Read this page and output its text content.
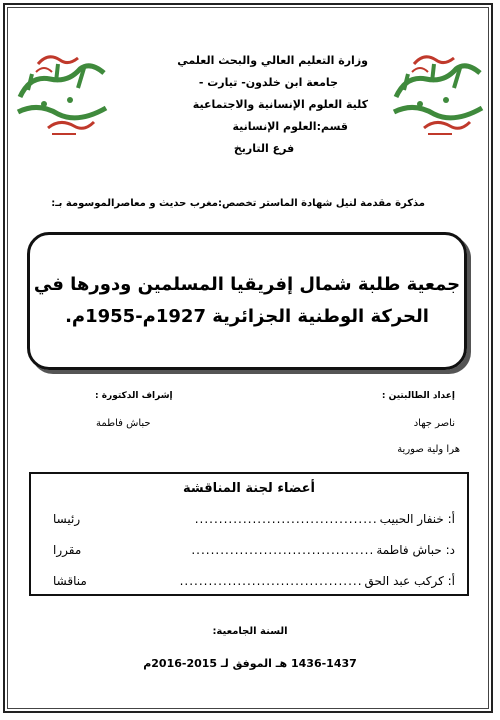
وزارة التعليم العالي والبحث العلمي
جامعة ابن خلدون- تيارت -
كلية العلوم الإنسانية والاجتماعية
قسم:العلوم الإنسانية
فرع التاريخ
مذكرة مقدمة لنيل شهادة الماستر تخصص:مغرب حديث و معاصرالموسومة بـ:
جمعية طلبة شمال إفريقيا المسلمين ودورها في
الحركة الوطنية الجزائرية 1927م-1955م.
إعداد الطالبتين :
إشراف الدكتورة :
ناصر جهاد
هرا ولية صورية
حباش فاطمة
أعضاء لجنة المناقشة
أ: خنفار الحبيب
......................................
رئيسا
د: حباش فاطمة
......................................
مقررا
أ: كركب عبد الحق
......................................
مناقشا
السنة الجامعية:
1436-1437 هـ الموفق لـ 2015-2016م
